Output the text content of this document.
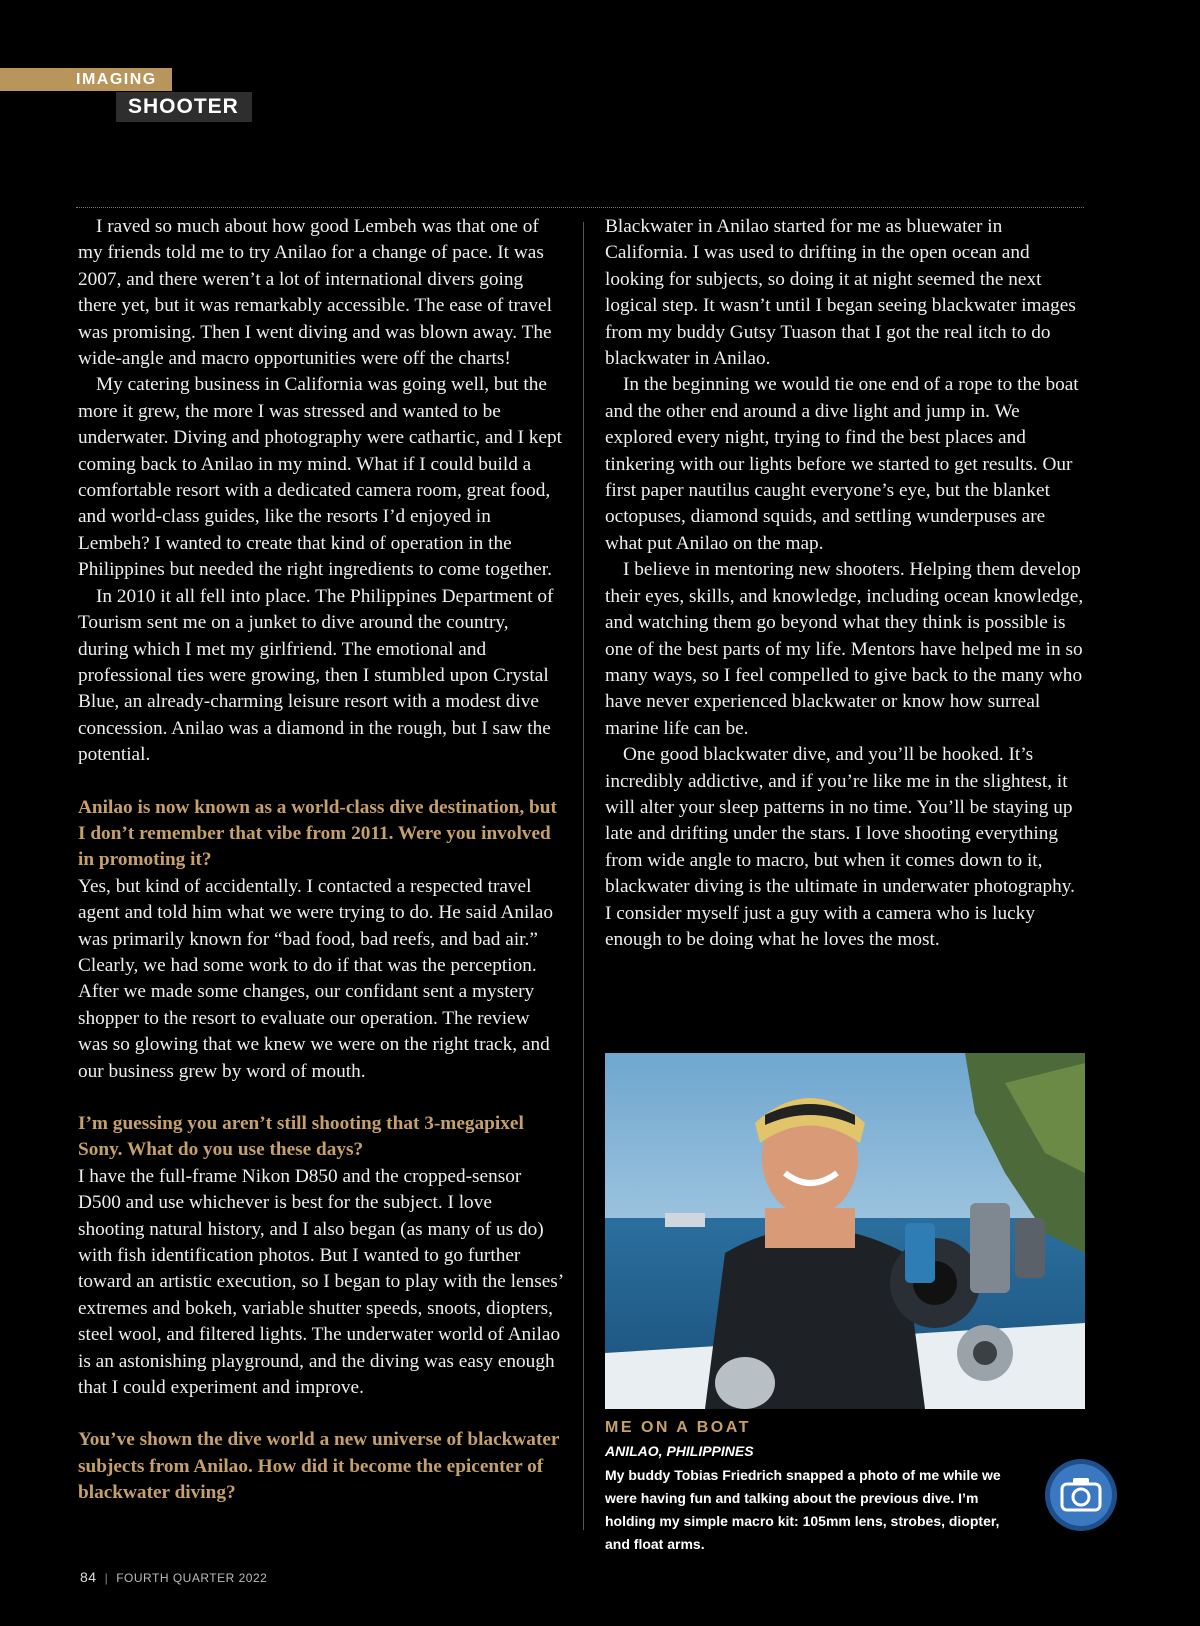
IMAGING
SHOOTER

I raved so much about how good Lembeh was that one of my friends told me to try Anilao for a change of pace. It was 2007, and there weren’t a lot of international divers going there yet, but it was remarkably accessible. The ease of travel was promising. Then I went diving and was blown away. The wide-angle and macro opportunities were off the charts!

My catering business in California was going well, but the more it grew, the more I was stressed and wanted to be underwater. Diving and photography were cathartic, and I kept coming back to Anilao in my mind. What if I could build a comfortable resort with a dedicated camera room, great food, and world-class guides, like the resorts I’d enjoyed in Lembeh? I wanted to create that kind of operation in the Philippines but needed the right ingredients to come together.

In 2010 it all fell into place. The Philippines Department of Tourism sent me on a junket to dive around the country, during which I met my girlfriend. The emotional and professional ties were growing, then I stumbled upon Crystal Blue, an already-charming leisure resort with a modest dive concession. Anilao was a diamond in the rough, but I saw the potential.

Anilao is now known as a world-class dive destination, but I don’t remember that vibe from 2011. Were you involved in promoting it?

Yes, but kind of accidentally. I contacted a respected travel agent and told him what we were trying to do. He said Anilao was primarily known for “bad food, bad reefs, and bad air.” Clearly, we had some work to do if that was the perception. After we made some changes, our confidant sent a mystery shopper to the resort to evaluate our operation. The review was so glowing that we knew we were on the right track, and our business grew by word of mouth.

I’m guessing you aren’t still shooting that 3-megapixel Sony. What do you use these days?

I have the full-frame Nikon D850 and the cropped-sensor D500 and use whichever is best for the subject. I love shooting natural history, and I also began (as many of us do) with fish identification photos. But I wanted to go further toward an artistic execution, so I began to play with the lenses’ extremes and bokeh, variable shutter speeds, snoots, diopters, steel wool, and filtered lights. The underwater world of Anilao is an astonishing playground, and the diving was easy enough that I could experiment and improve.

You’ve shown the dive world a new universe of blackwater subjects from Anilao. How did it become the epicenter of blackwater diving?

Blackwater in Anilao started for me as bluewater in California. I was used to drifting in the open ocean and looking for subjects, so doing it at night seemed the next logical step. It wasn’t until I began seeing blackwater images from my buddy Gutsy Tuason that I got the real itch to do blackwater in Anilao.

In the beginning we would tie one end of a rope to the boat and the other end around a dive light and jump in. We explored every night, trying to find the best places and tinkering with our lights before we started to get results. Our first paper nautilus caught everyone’s eye, but the blanket octopuses, diamond squids, and settling wunderpuses are what put Anilao on the map.

I believe in mentoring new shooters. Helping them develop their eyes, skills, and knowledge, including ocean knowledge, and watching them go beyond what they think is possible is one of the best parts of my life. Mentors have helped me in so many ways, so I feel compelled to give back to the many who have never experienced blackwater or know how surreal marine life can be.

One good blackwater dive, and you’ll be hooked. It’s incredibly addictive, and if you’re like me in the slightest, it will alter your sleep patterns in no time. You’ll be staying up late and drifting under the stars. I love shooting everything from wide angle to macro, but when it comes down to it, blackwater diving is the ultimate in underwater photography. I consider myself just a guy with a camera who is lucky enough to be doing what he loves the most.

ME ON A BOAT
ANILAO, PHILIPPINES
My buddy Tobias Friedrich snapped a photo of me while we were having fun and talking about the previous dive. I’m holding my simple macro kit: 105mm lens, strobes, diopter, and float arms.
84 | FOURTH QUARTER 2022
